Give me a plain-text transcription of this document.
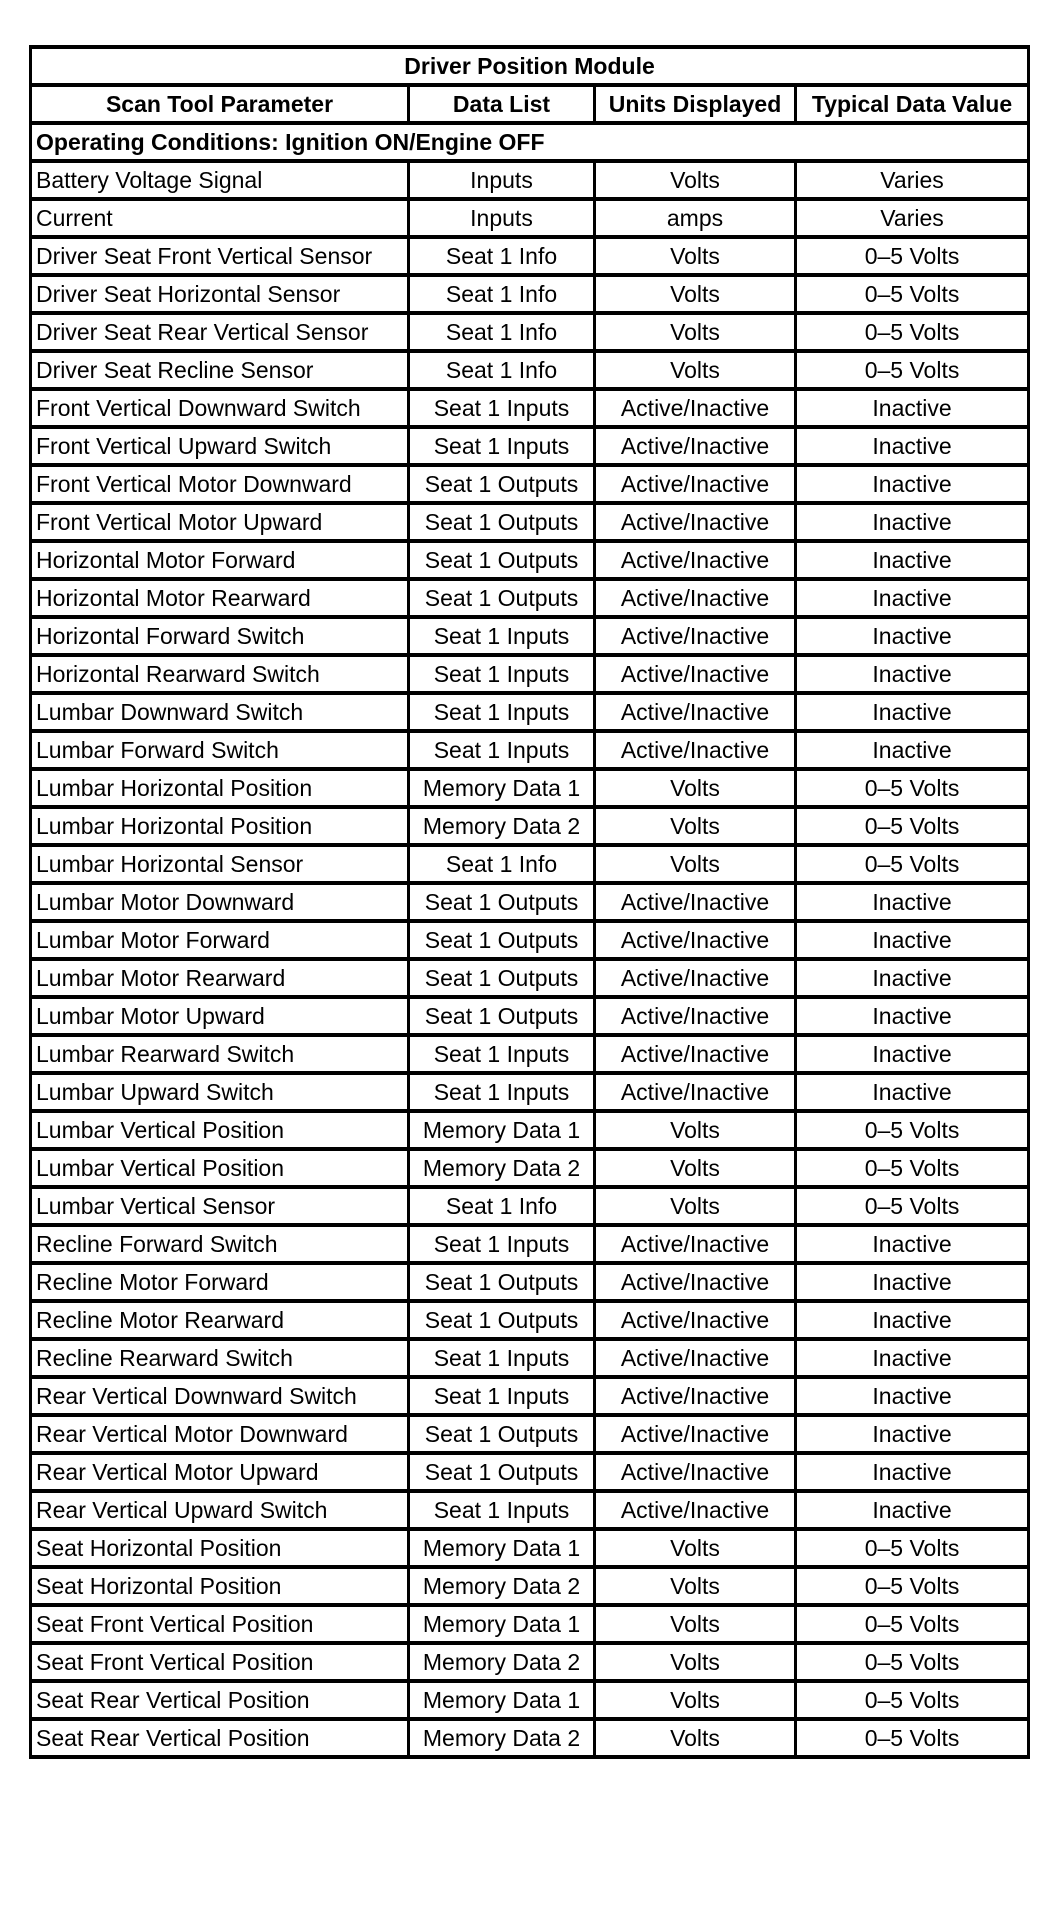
Driver Position Module			
Scan Tool Parameter	Data List	Units Displayed	Typical Data Value
Operating Conditions: Ignition ON/Engine OFF			
Battery Voltage Signal	Inputs	Volts	Varies
Current	Inputs	amps	Varies
Driver Seat Front Vertical Sensor	Seat 1 Info	Volts	0–5 Volts
Driver Seat Horizontal Sensor	Seat 1 Info	Volts	0–5 Volts
Driver Seat Rear Vertical Sensor	Seat 1 Info	Volts	0–5 Volts
Driver Seat Recline Sensor	Seat 1 Info	Volts	0–5 Volts
Front Vertical Downward Switch	Seat 1 Inputs	Active/Inactive	Inactive
Front Vertical Upward Switch	Seat 1 Inputs	Active/Inactive	Inactive
Front Vertical Motor Downward	Seat 1 Outputs	Active/Inactive	Inactive
Front Vertical Motor Upward	Seat 1 Outputs	Active/Inactive	Inactive
Horizontal Motor Forward	Seat 1 Outputs	Active/Inactive	Inactive
Horizontal Motor Rearward	Seat 1 Outputs	Active/Inactive	Inactive
Horizontal Forward Switch	Seat 1 Inputs	Active/Inactive	Inactive
Horizontal Rearward Switch	Seat 1 Inputs	Active/Inactive	Inactive
Lumbar Downward Switch	Seat 1 Inputs	Active/Inactive	Inactive
Lumbar Forward Switch	Seat 1 Inputs	Active/Inactive	Inactive
Lumbar Horizontal Position	Memory Data 1	Volts	0–5 Volts
Lumbar Horizontal Position	Memory Data 2	Volts	0–5 Volts
Lumbar Horizontal Sensor	Seat 1 Info	Volts	0–5 Volts
Lumbar Motor Downward	Seat 1 Outputs	Active/Inactive	Inactive
Lumbar Motor Forward	Seat 1 Outputs	Active/Inactive	Inactive
Lumbar Motor Rearward	Seat 1 Outputs	Active/Inactive	Inactive
Lumbar Motor Upward	Seat 1 Outputs	Active/Inactive	Inactive
Lumbar Rearward Switch	Seat 1 Inputs	Active/Inactive	Inactive
Lumbar Upward Switch	Seat 1 Inputs	Active/Inactive	Inactive
Lumbar Vertical Position	Memory Data 1	Volts	0–5 Volts
Lumbar Vertical Position	Memory Data 2	Volts	0–5 Volts
Lumbar Vertical Sensor	Seat 1 Info	Volts	0–5 Volts
Recline Forward Switch	Seat 1 Inputs	Active/Inactive	Inactive
Recline Motor Forward	Seat 1 Outputs	Active/Inactive	Inactive
Recline Motor Rearward	Seat 1 Outputs	Active/Inactive	Inactive
Recline Rearward Switch	Seat 1 Inputs	Active/Inactive	Inactive
Rear Vertical Downward Switch	Seat 1 Inputs	Active/Inactive	Inactive
Rear Vertical Motor Downward	Seat 1 Outputs	Active/Inactive	Inactive
Rear Vertical Motor Upward	Seat 1 Outputs	Active/Inactive	Inactive
Rear Vertical Upward Switch	Seat 1 Inputs	Active/Inactive	Inactive
Seat Horizontal Position	Memory Data 1	Volts	0–5 Volts
Seat Horizontal Position	Memory Data 2	Volts	0–5 Volts
Seat Front Vertical Position	Memory Data 1	Volts	0–5 Volts
Seat Front Vertical Position	Memory Data 2	Volts	0–5 Volts
Seat Rear Vertical Position	Memory Data 1	Volts	0–5 Volts
Seat Rear Vertical Position	Memory Data 2	Volts	0–5 Volts
